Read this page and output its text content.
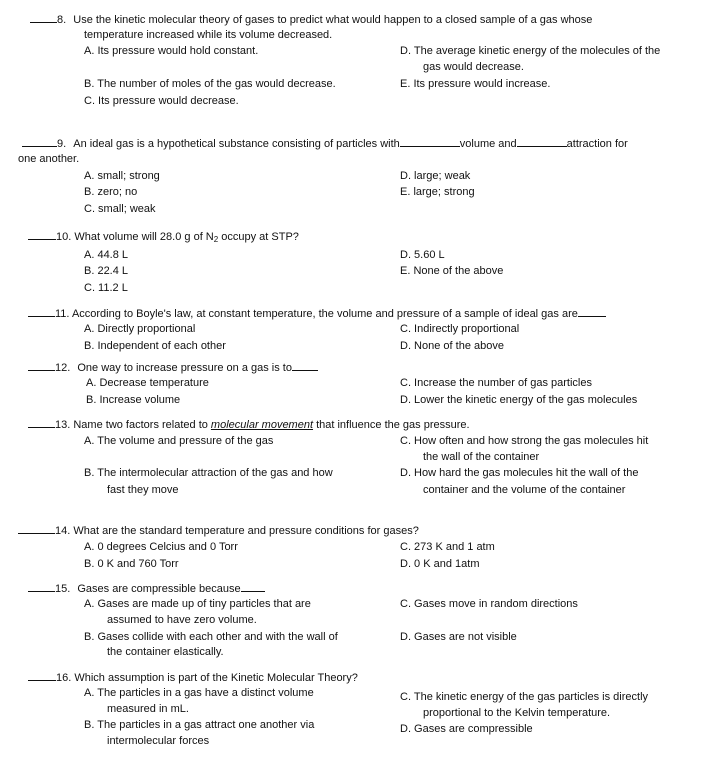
8. Use the kinetic molecular theory of gases to predict what would happen to a closed sample of a gas whose
temperature increased while its volume decreased.
A. Its pressure would hold constant.	D. The average kinetic energy of the molecules of the
gas would decrease.
B. The number of moles of the gas would decrease.	E. Its pressure would increase.
C. Its pressure would decrease.
9. An ideal gas is a hypothetical substance consisting of particles with	volume and	attraction for
one another.
A. small; strong	D. large; weak
B. zero; no	E. large; strong
C. small; weak
10. What volume will 28.0 g of $N_2$ occupy at STP?
A. 44.8 L	D. 5.60 L
B. 22.4 L	E. None of the above
C. 11.2 L
11. According to Boyle's law, at constant temperature, the volume and pressure of a sample of ideal gas are
A. Directly proportional	C. Indirectly proportional
B. Independent of each other	D. None of the above
12. One way to increase pressure on a gas is to
A. Decrease temperature	C. Increase the number of gas particles
B. Increase volume	D. Lower the kinetic energy of the gas molecules
13. Name two factors related to molecular movement that influence the gas pressure.
A. The volume and pressure of the gas	C. How often and how strong the gas molecules hit
the wall of the container
B. The intermolecular attraction of the gas and how	D. How hard the gas molecules hit the wall of the
fast they move	container and the volume of the container
14. What are the standard temperature and pressure conditions for gases?
A. 0 degrees Celcius and 0 Torr	C. 273 K and 1 atm
B. 0 K and 760 Torr	D. 0 K and 1atm
15. Gases are compressible because
A. Gases are made up of tiny particles that are	C. Gases move in random directions
assumed to have zero volume.
B. Gases collide with each other and with the wall of	D. Gases are not visible
the container elastically.
16. Which assumption is part of the Kinetic Molecular Theory?
A. The particles in a gas have a distinct volume	C. The kinetic energy of the gas particles is directly
measured in mL.	proportional to the Kelvin temperature.
B. The particles in a gas attract one another via	D. Gases are compressible
intermolecular forces
